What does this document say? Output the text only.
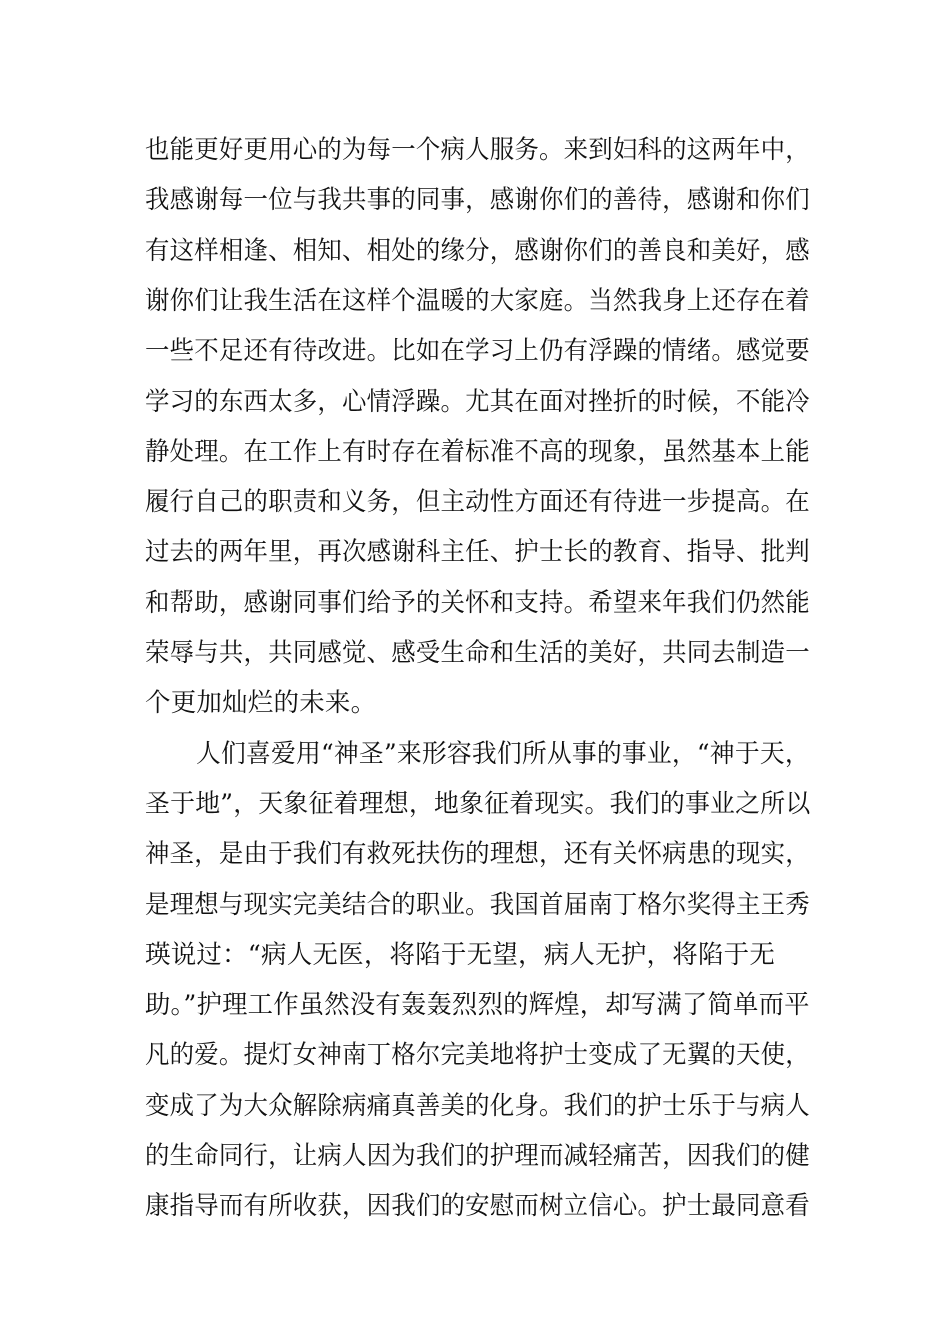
也能更好更用心的为每一个病人服务。来到妇科的这两年中，
我感谢每一位与我共事的同事，感谢你们的善待，感谢和你们
有这样相逢、相知、相处的缘分，感谢你们的善良和美好，感
谢你们让我生活在这样个温暖的大家庭。当然我身上还存在着
一些不足还有待改进。比如在学习上仍有浮躁的情绪。感觉要
学习的东西太多，心情浮躁。尤其在面对挫折的时候，不能冷
静处理。在工作上有时存在着标准不高的现象，虽然基本上能
履行自己的职责和义务，但主动性方面还有待进一步提高。在
过去的两年里，再次感谢科主任、护士长的教育、指导、批判
和帮助，感谢同事们给予的关怀和支持。希望来年我们仍然能
荣辱与共，共同感觉、感受生命和生活的美好，共同去制造一
个更加灿烂的未来。
人们喜爱用“神圣”来形容我们所从事的事业，“神于天，
圣于地”，天象征着理想，地象征着现实。我们的事业之所以
神圣，是由于我们有救死扶伤的理想，还有关怀病患的现实，
是理想与现实完美结合的职业。我国首届南丁格尔奖得主王秀
瑛说过：“病人无医，将陷于无望，病人无护，将陷于无
助。”护理工作虽然没有轰轰烈烈的辉煌，却写满了简单而平
凡的爱。提灯女神南丁格尔完美地将护士变成了无翼的天使，
变成了为大众解除病痛真善美的化身。我们的护士乐于与病人
的生命同行，让病人因为我们的护理而减轻痛苦，因我们的健
康指导而有所收获，因我们的安慰而树立信心。护士最同意看
